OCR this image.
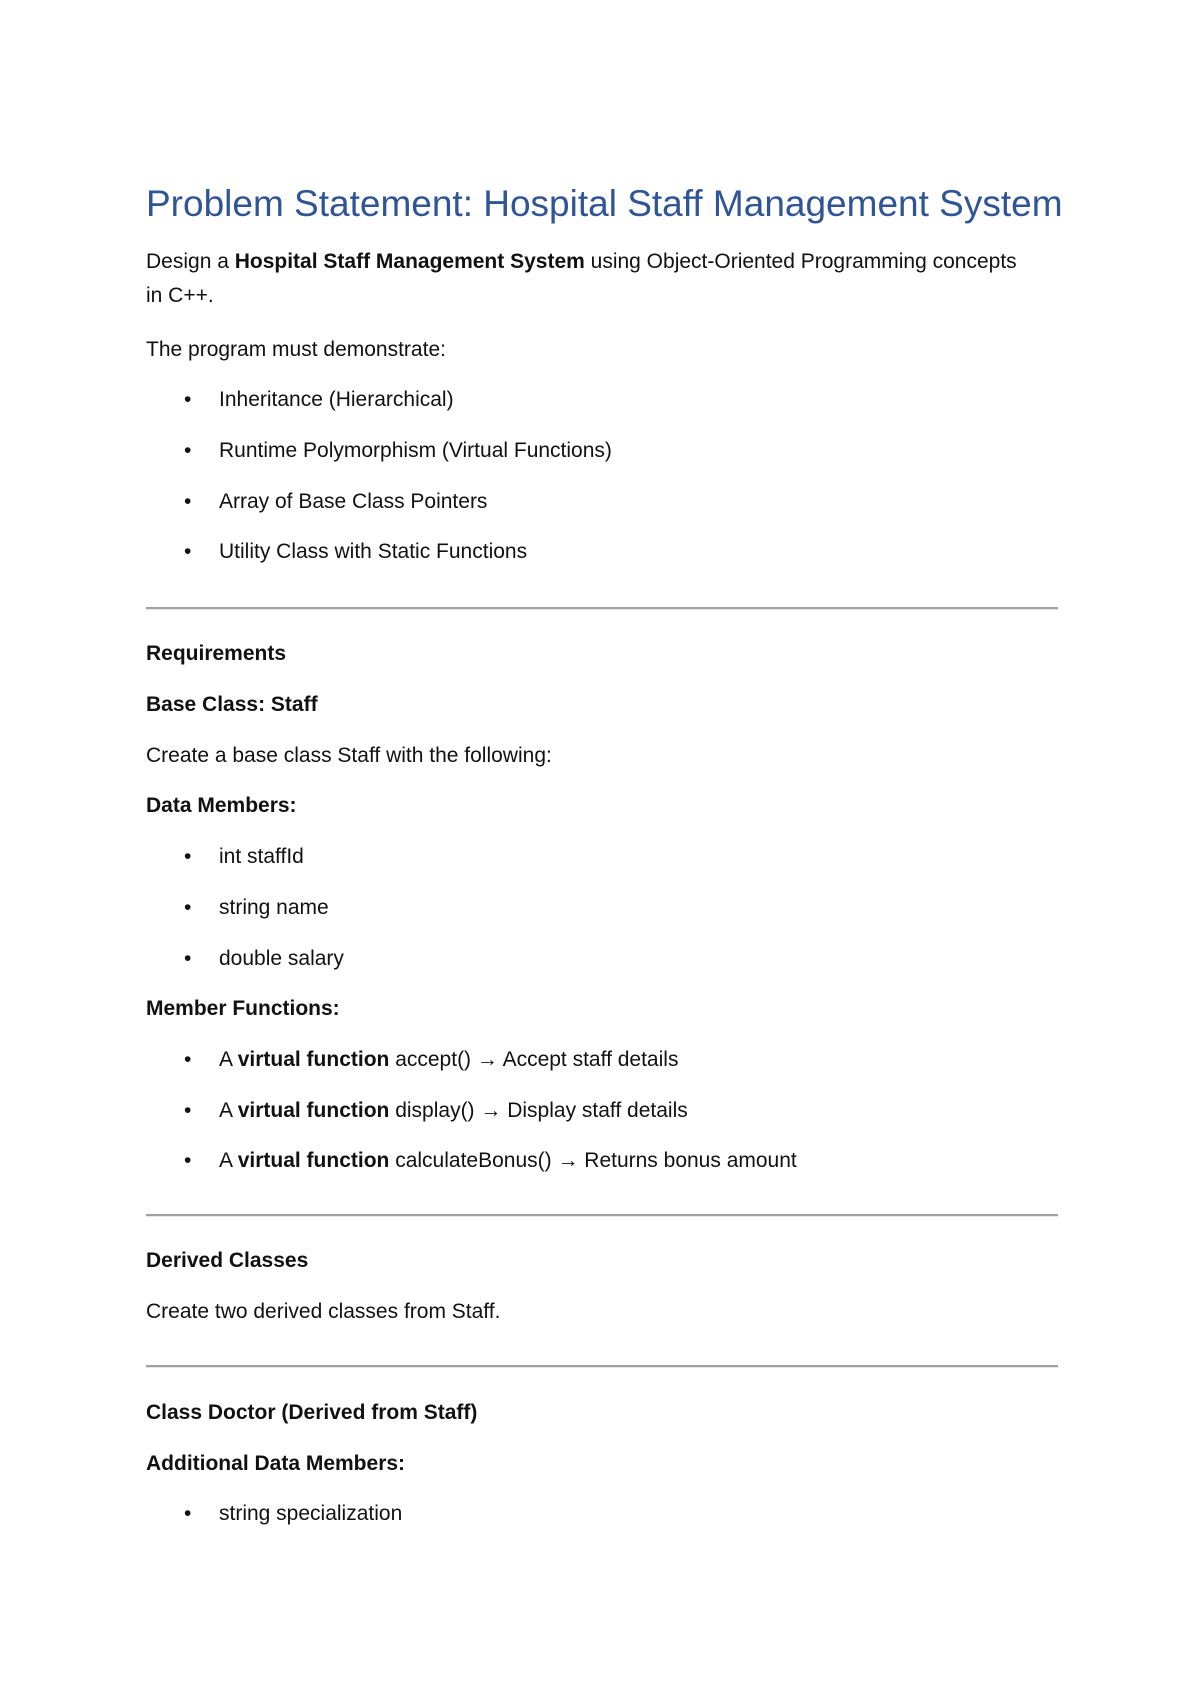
Problem Statement: Hospital Staff Management System
Design a Hospital Staff Management System using Object-Oriented Programming concepts
in C++.
The program must demonstrate:
• Inheritance (Hierarchical)
• Runtime Polymorphism (Virtual Functions)
• Array of Base Class Pointers
• Utility Class with Static Functions
Requirements
Base Class: Staff
Create a base class Staff with the following:
Data Members:
• int staffId
• string name
• double salary
Member Functions:
• A virtual function accept() → Accept staff details
• A virtual function display() → Display staff details
• A virtual function calculateBonus() → Returns bonus amount
Derived Classes
Create two derived classes from Staff.
Class Doctor (Derived from Staff)
Additional Data Members:
• string specialization
